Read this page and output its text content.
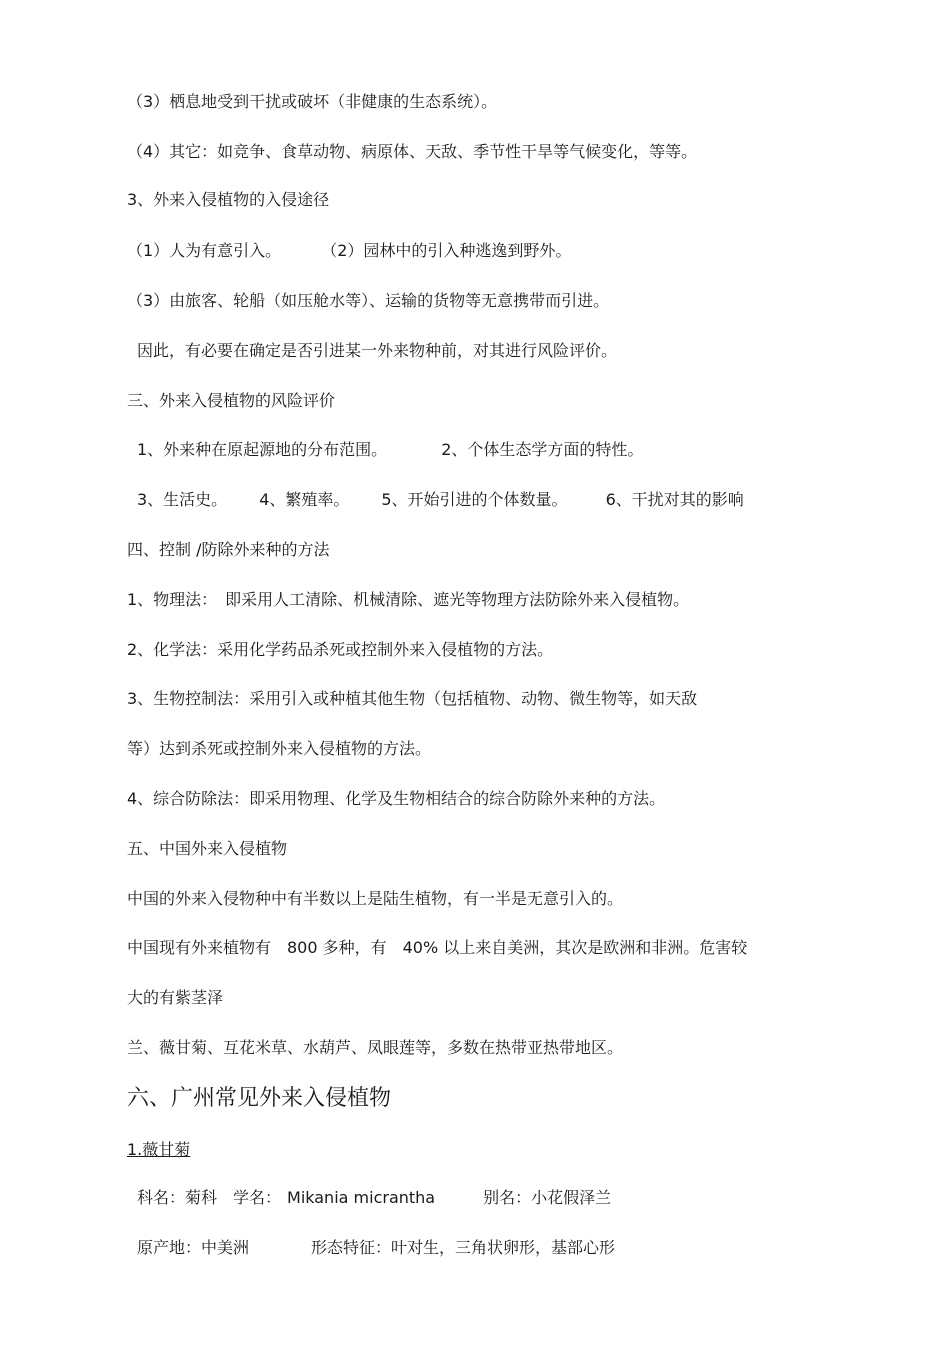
（3）栖息地受到干扰或破坏（非健康的生态系统）。
（4）其它：如竞争、食草动物、病原体、天敌、季节性干旱等气候变化，等等。
3、外来入侵植物的入侵途径
（1）人为有意引入。	（2）园林中的引入种逃逸到野外。
（3）由旅客、轮船（如压舱水等）、运输的货物等无意携带而引进。
因此，有必要在确定是否引进某一外来物种前，对其进行风险评价。
三、外来入侵植物的风险评价
1、外来种在原起源地的分布范围。	2、个体生态学方面的特性。
3、生活史。 4、繁殖率。 5、开始引进的个体数量。 6、干扰对其的影响
四、控制 /防除外来种的方法
1、物理法：　即采用人工清除、机械清除、遮光等物理方法防除外来入侵植物。
2、化学法：采用化学药品杀死或控制外来入侵植物的方法。
3、生物控制法：采用引入或种植其他生物（包括植物、动物、微生物等，如天敌
等）达到杀死或控制外来入侵植物的方法。
4、综合防除法：即采用物理、化学及生物相结合的综合防除外来种的方法。
五、中国外来入侵植物
中国的外来入侵物种中有半数以上是陆生植物，有一半是无意引入的。
中国现有外来植物有　800 多种，有　40% 以上来自美洲，其次是欧洲和非洲。危害较
大的有紫茎泽
兰、薇甘菊、互花米草、水葫芦、凤眼莲等，多数在热带亚热带地区。
六、广州常见外来入侵植物
1.薇甘菊
科名：菊科　学名： Mikania micrantha	别名：小花假泽兰
原产地：中美洲	形态特征：叶对生，三角状卵形，基部心形
